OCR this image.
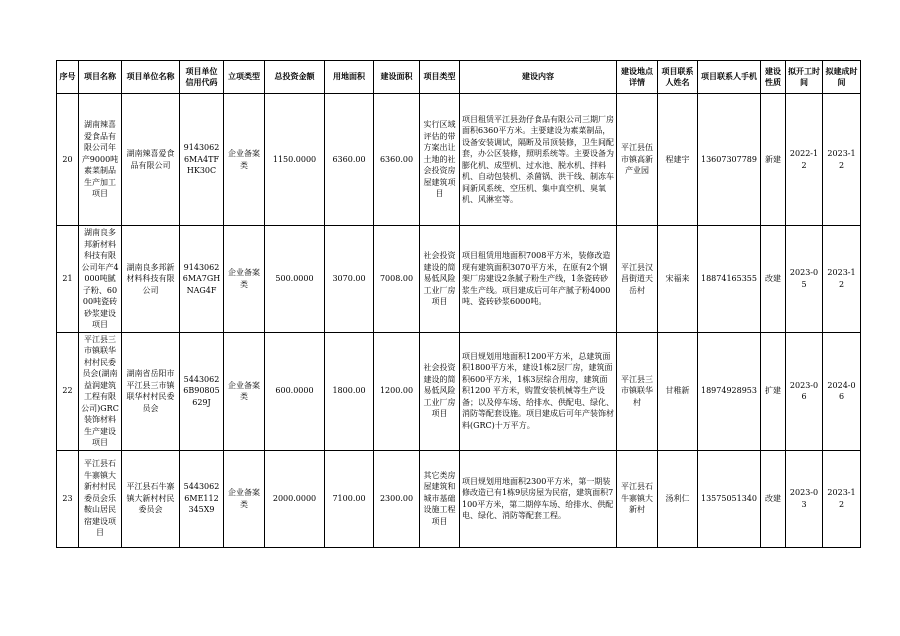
序号	项目名称	项目单位名称	项目单位信用代码	立项类型	总投资金额	用地面积	建设面积	项目类型	建设内容	建设地点详情	项目联系人姓名	项目联系人手机	建设性质	拟开工时间	拟建成时间
20	湖南辣喜爱食品有限公司年产9000吨素菜制品生产加工项目	湖南辣喜爱食品有限公司	91430626MA4TFHK30C	企业备案类	1150.0000	6360.00	6360.00	实行区域评估的带方案出让土地的社会投资房屋建筑项目	项目租赁平江县劲仔食品有限公司三期厂房面积6360平方米。主要建设为素菜制品，设备安装调试，隔断及吊顶装修，卫生间配套，办公区装修，照明系统等。主要设备为膨化机、成型机、过水池、脱水机、拌料机、自动包装机、杀菌锅、洪干线、制冻车间新风系统、空压机、集中真空机、臭氧机、风淋室等。	平江县伍市镇高新产业园	程建宇	13607307789	新建	2022-12	2023-12
21	湖南良多邦新材料科技有限公司年产4000吨腻子粉、6000吨瓷砖砂浆建设项目	湖南良多邦新材料科技有限公司	91430626MA7GHNAG4F	企业备案类	500.0000	3070.00	7008.00	社会投资建设的简易低风险工业厂房项目	项目租赁用地面积7008平方米，装修改造现有建筑面积3070平方米，在原有2个钢架厂房建设2条腻子粉生产线，1条瓷砖砂浆生产线。项目建成后可年产腻子粉4000吨、瓷砖砂浆6000吨。	平江县汉昌街道天岳村	宋福来	18874165355	改建	2023-05	2023-12
22	平江县三市镇联华村村民委员会(湖南益润建筑工程有限公司)GRC装饰材料生产建设项目	湖南省岳阳市平江县三市镇联华村村民委员会	54430626B90805629J	企业备案类	600.0000	1800.00	1200.00	社会投资建设的简易低风险工业厂房项目	项目规划用地面积1200平方米，总建筑面积1800平方米，建设1栋2层厂房，建筑面积600平方米，1栋3层综合用房，建筑面积1200 平方米，购置安装机械等生产设备；以及停车场、给排水、供配电、绿化、消防等配套设施。项目建成后可年产装饰材料(GRC)十万平方。	平江县三市镇联华村	甘稚新	18974928953	扩建	2023-06	2024-06
23	平江县石牛寨镇大新村村民委员会乐鞍山居民宿建设项目	平江县石牛寨镇大新村村民委员会	54430626ME112345X9	企业备案类	2000.0000	7100.00	2300.00	其它类房屋建筑和城市基础设施工程项目	项目规划用地面积2300平方米，第一期装修改造已有1栋9层房屋为民宿，建筑面积7100平方米，第二期停车场、给排水、供配电、绿化、消防等配套工程。	平江县石牛寨镇大新村	汤利仁	13575051340	改建	2023-03	2023-12
